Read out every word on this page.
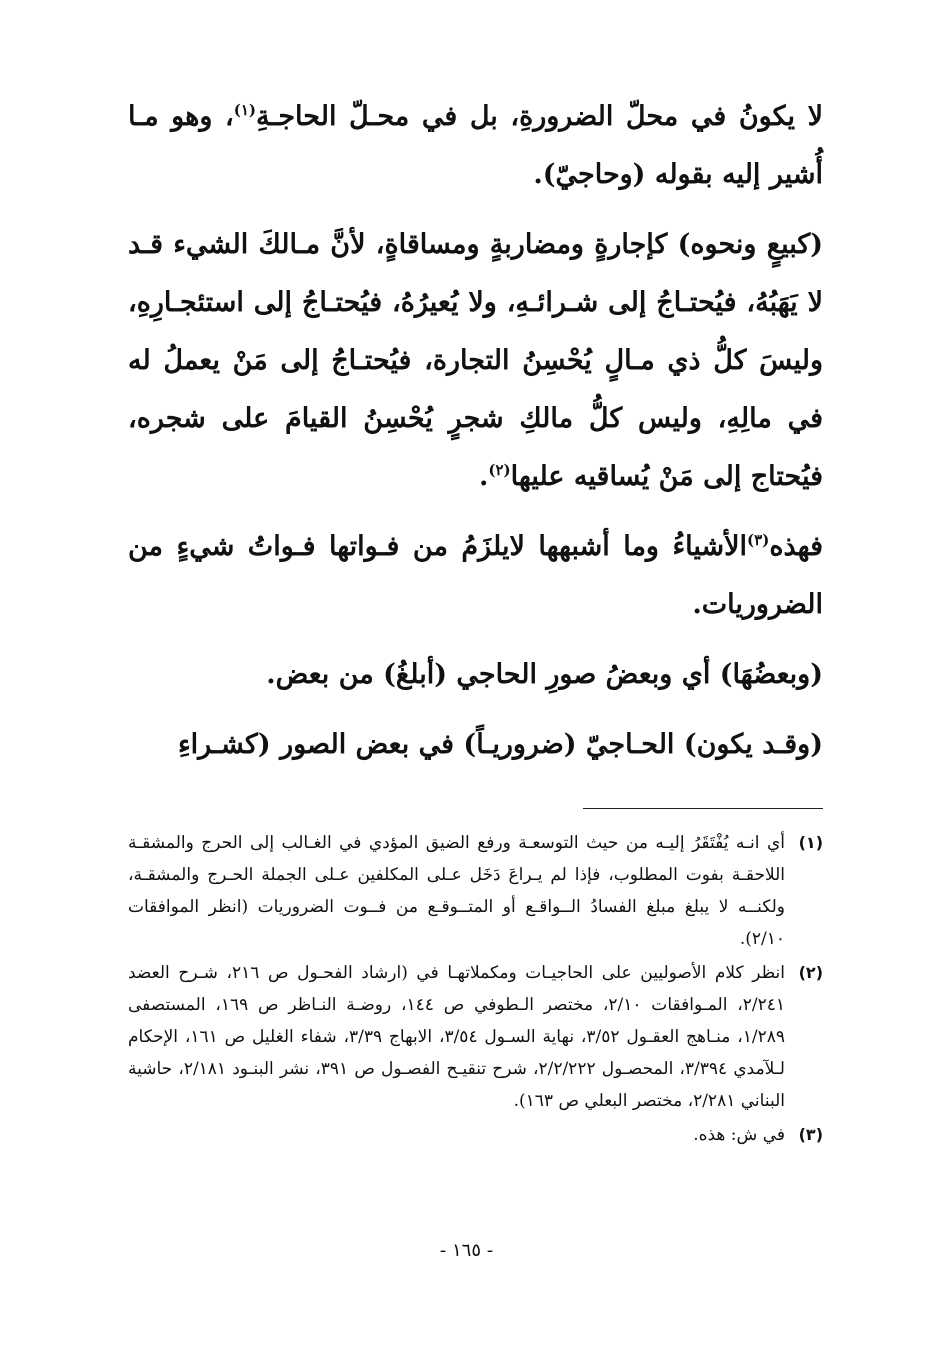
لا يكونُ في محلّ الضرورةِ، بل في محـلّ الحاجـةِ$^{(١)}$، وهو مـا أُشير إليه بقوله (وحاجيّ).

(كبيعٍ ونحوه) كإجارةٍ ومضاربةٍ ومساقاةٍ، لأنَّ مـالكَ الشيء قـد لا يَهَبُهُ، فيُحتـاجُ إلى شـرائـهِ، ولا يُعيرُهُ، فيُحتـاجُ إلى استئجـارِهِ، وليسَ كلُّ ذي مـالٍ يُحْسِنُ التجارة، فيُحتـاجُ إلى مَنْ يعملُ له في مالِهِ، وليس كلُّ مالكِ شجرٍ يُحْسِنُ القيامَ على شجره، فيُحتاج إلى مَنْ يُساقيه عليها$^{(٢)}$.

فهذه$^{(٣)}$الأشياءُ وما أشبهها لايلزَمُ من فـواتها فـواتُ شيءٍ من الضروريات.

(وبعضُهَا) أي وبعضُ صورِ الحاجي (أبلغُ) من بعض.

(وقـد يكون) الحـاجيّ (ضروريـاً) في بعض الصور (كشـراءِ

(١)
أي انـه يُفْتَقَرُ إليـه من حيث التوسعـة ورفع الضيق المؤدي في الغـالب إلى الحرج والمشقـة اللاحقـة بفوت المطلوب، فإذا لم يـراعَ دَخَل عـلى المكلفين عـلى الجملة الحـرج والمشقـة، ولكنــه لا يبلغ مبلغ الفسادُ الــواقـع أو المتــوقـع من فــوت الضروريات (انظر الموافقات ٢/١٠).
(٢)
انظر كلام الأصوليين على الحاجيـات ومكملاتهـا في (ارشاد الفحـول ص ٢١٦، شـرح العضد ٢/٢٤١، المـوافقات ٢/١٠، مختصر الـطوفي ص ١٤٤، روضـة النـاظر ص ١٦٩، المستصفى ١/٢٨٩، منـاهج العقـول ٣/٥٢، نهاية السـول ٣/٥٤، الابهاج ٣/٣٩، شفاء الغليل ص ١٦١، الإحكام لـلآمدي ٣/٣٩٤، المحصـول ٢/٢/٢٢٢، شرح تنقيـح الفصـول ص ٣٩١، نشر البنـود ٢/١٨١، حاشية البناني ٢/٢٨١، مختصر البعلي ص ١٦٣).
(٣)
في ش: هذه.
- ١٦٥ -
